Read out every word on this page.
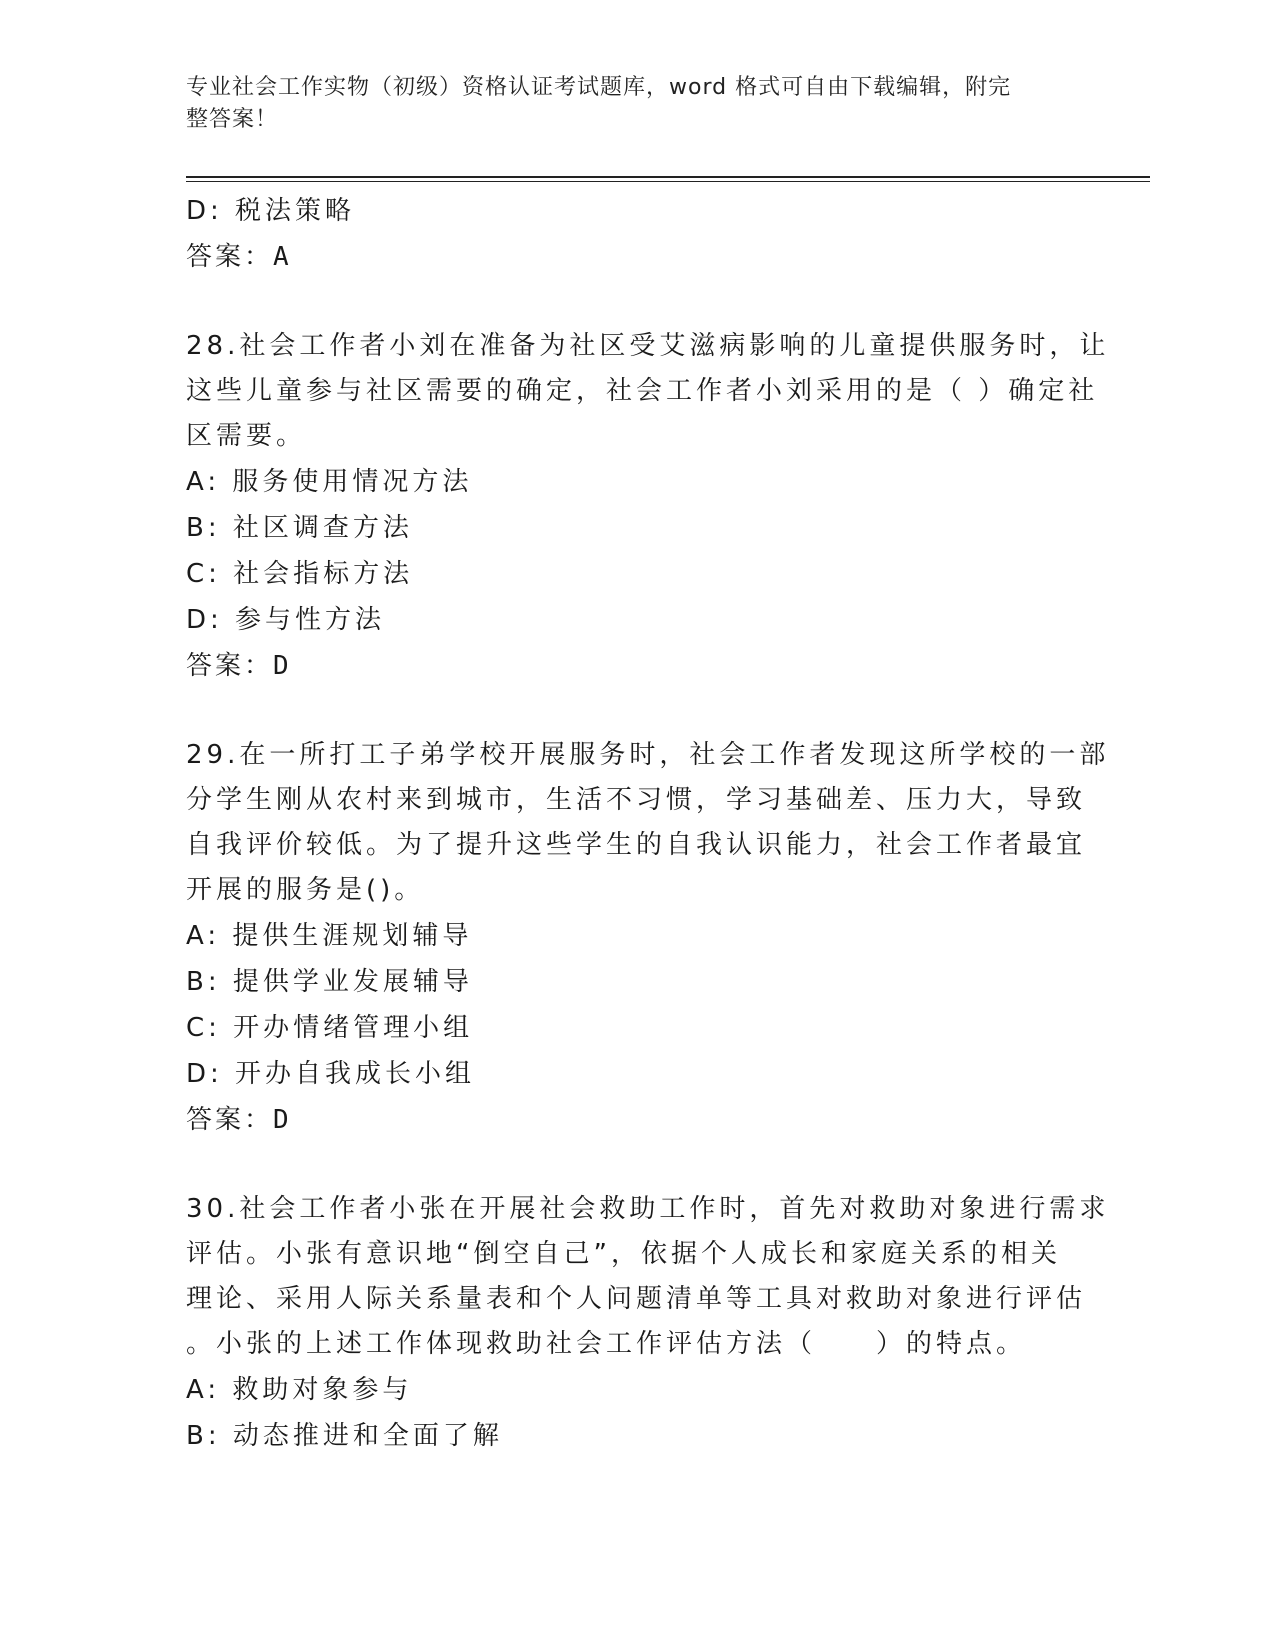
专业社会工作实物（初级）资格认证考试题库，word 格式可自由下载编辑，附完
整答案！
D: 税法策略
答案：A
28.社会工作者小刘在准备为社区受艾滋病影响的儿童提供服务时，让
这些儿童参与社区需要的确定，社会工作者小刘采用的是（ ）确定社
区需要。
A: 服务使用情况方法
B: 社区调查方法
C: 社会指标方法
D: 参与性方法
答案：D
29.在一所打工子弟学校开展服务时，社会工作者发现这所学校的一部
分学生刚从农村来到城市，生活不习惯，学习基础差、压力大，导致
自我评价较低。为了提升这些学生的自我认识能力，社会工作者最宜
开展的服务是()。
A: 提供生涯规划辅导
B: 提供学业发展辅导
C: 开办情绪管理小组
D: 开办自我成长小组
答案：D
30.社会工作者小张在开展社会救助工作时，首先对救助对象进行需求
评估。小张有意识地“倒空自己”，依据个人成长和家庭关系的相关
理论、采用人际关系量表和个人问题清单等工具对救助对象进行评估
。小张的上述工作体现救助社会工作评估方法（　　）的特点。
A: 救助对象参与
B: 动态推进和全面了解
